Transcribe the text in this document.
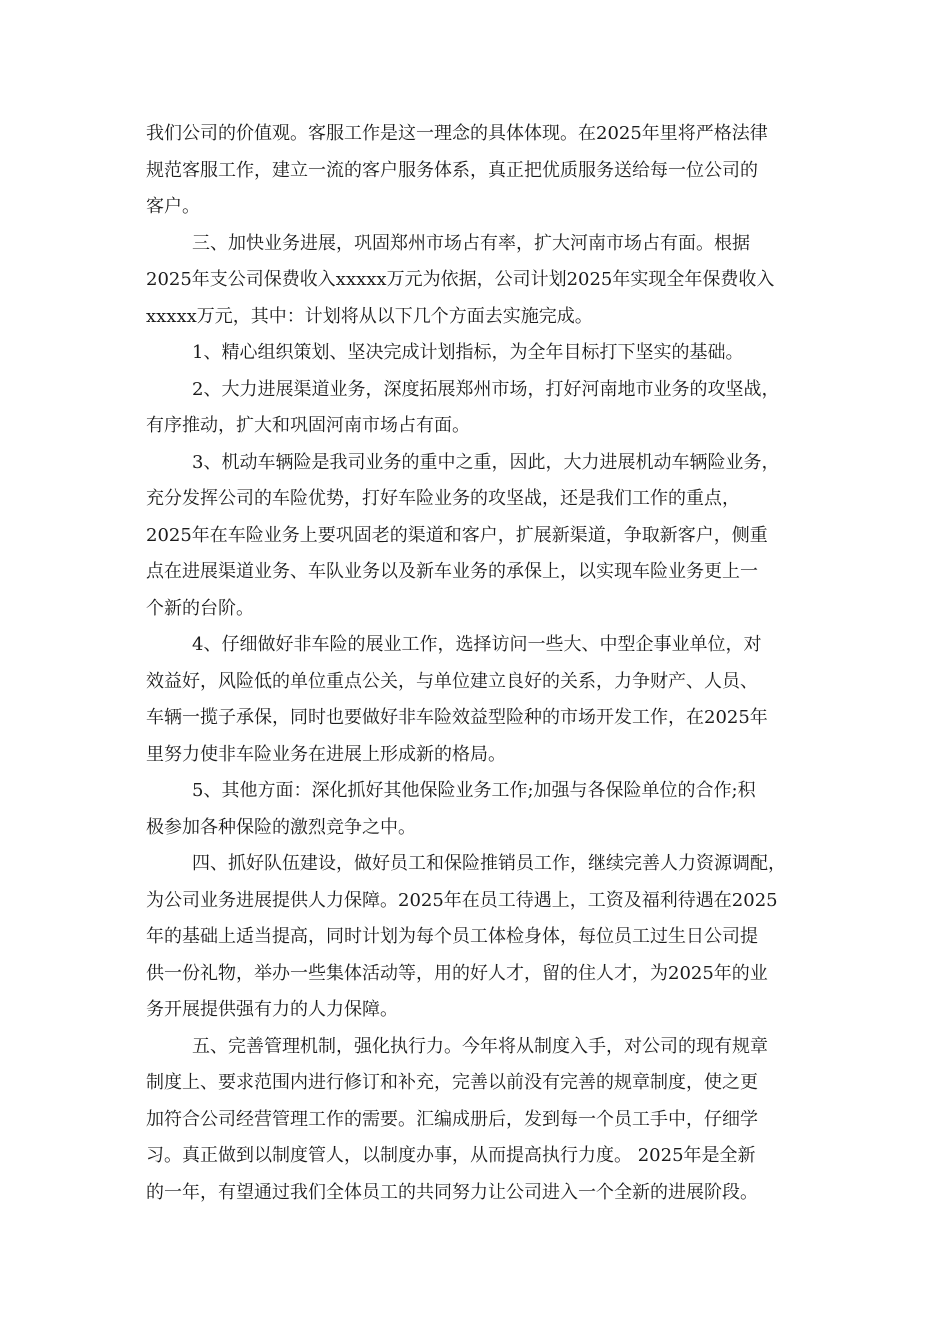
我们公司的价值观。客服工作是这一理念的具体体现。在2025年里将严格法律
规范客服工作，建立一流的客户服务体系，真正把优质服务送给每一位公司的
客户。
三、加快业务进展，巩固郑州市场占有率，扩大河南市场占有面。根据
2025年支公司保费收入xxxxx万元为依据，公司计划2025年实现全年保费收入
xxxxx万元，其中：计划将从以下几个方面去实施完成。
1、精心组织策划、坚决完成计划指标，为全年目标打下坚实的基础。
2、大力进展渠道业务，深度拓展郑州市场，打好河南地市业务的攻坚战，
有序推动，扩大和巩固河南市场占有面。
3、机动车辆险是我司业务的重中之重，因此，大力进展机动车辆险业务，
充分发挥公司的车险优势，打好车险业务的攻坚战，还是我们工作的重点，
2025年在车险业务上要巩固老的渠道和客户，扩展新渠道，争取新客户，侧重
点在进展渠道业务、车队业务以及新车业务的承保上，以实现车险业务更上一
个新的台阶。
4、仔细做好非车险的展业工作，选择访问一些大、中型企事业单位，对
效益好，风险低的单位重点公关，与单位建立良好的关系，力争财产、人员、
车辆一揽子承保，同时也要做好非车险效益型险种的市场开发工作，在2025年
里努力使非车险业务在进展上形成新的格局。
5、其他方面：深化抓好其他保险业务工作;加强与各保险单位的合作;积
极参加各种保险的激烈竞争之中。
四、抓好队伍建设，做好员工和保险推销员工作，继续完善人力资源调配，
为公司业务进展提供人力保障。2025年在员工待遇上，工资及福利待遇在2025
年的基础上适当提高，同时计划为每个员工体检身体，每位员工过生日公司提
供一份礼物，举办一些集体活动等，用的好人才，留的住人才，为2025年的业
务开展提供强有力的人力保障。
五、完善管理机制，强化执行力。今年将从制度入手，对公司的现有规章
制度上、要求范围内进行修订和补充，完善以前没有完善的规章制度，使之更
加符合公司经营管理工作的需要。汇编成册后，发到每一个员工手中，仔细学
习。真正做到以制度管人，以制度办事，从而提高执行力度。 2025年是全新
的一年，有望通过我们全体员工的共同努力让公司进入一个全新的进展阶段。
